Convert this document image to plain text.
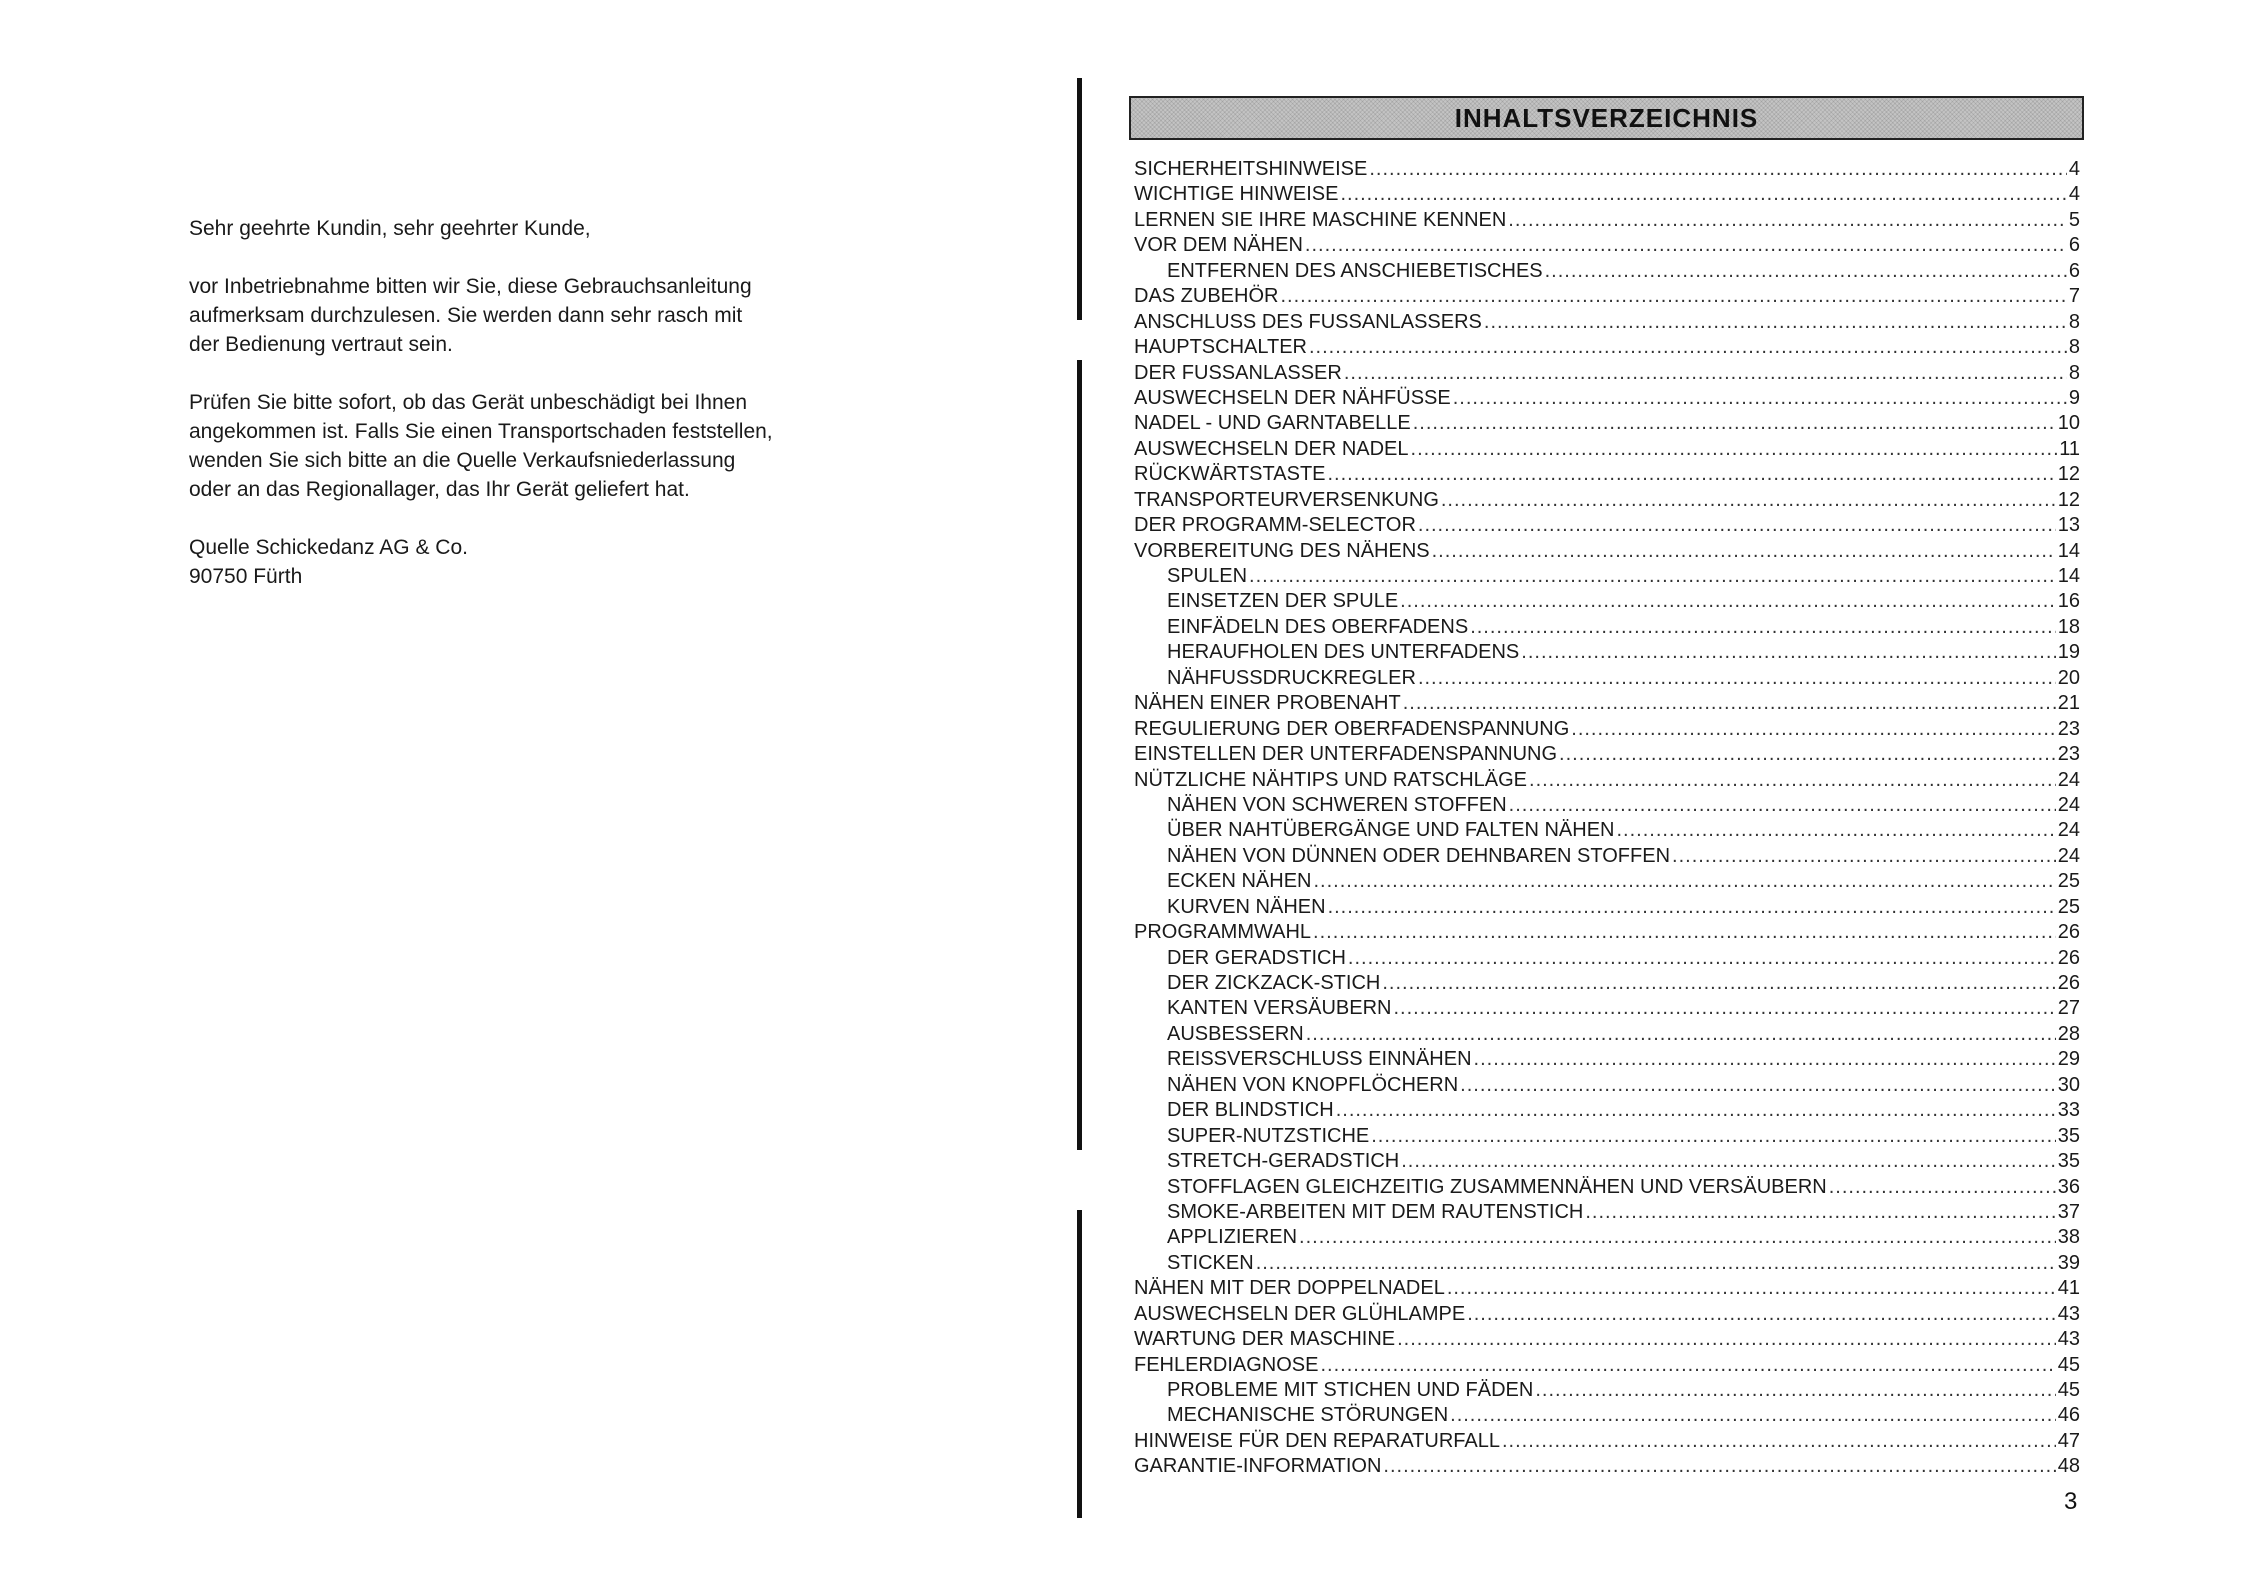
Sehr geehrte Kundin, sehr geehrter Kunde,

vor Inbetriebnahme bitten wir Sie, diese Gebrauchsanleitung
aufmerksam durchzulesen. Sie werden dann sehr rasch mit
der Bedienung vertraut sein.

Prüfen Sie bitte sofort, ob das Gerät unbeschädigt bei Ihnen
angekommen ist. Falls Sie einen Transportschaden feststellen,
wenden Sie sich bitte an die Quelle Verkaufsniederlassung
oder an das Regionallager, das Ihr Gerät geliefert hat.

Quelle Schickedanz AG & Co.
90750 Fürth

INHALTSVERZEICHNIS
SICHERHEITSHINWEISE .....	4
WICHTIGE HINWEISE .....	4
LERNEN SIE IHRE MASCHINE KENNEN .....	5
VOR DEM NÄHEN .....	6
ENTFERNEN DES ANSCHIEBETISCHES .....	6
DAS ZUBEHÖR .....	7
ANSCHLUSS DES FUSSANLASSERS .....	8
HAUPTSCHALTER .....	8
DER FUSSANLASSER .....	8
AUSWECHSELN DER NÄHFÜSSE .....	9
NADEL - UND GARNTABELLE .....	10
AUSWECHSELN DER NADEL .....	11
RÜCKWÄRTSTASTE .....	12
TRANSPORTEURVERSENKUNG .....	12
DER PROGRAMM-SELECTOR .....	13
VORBEREITUNG DES NÄHENS .....	14
SPULEN .....	14
EINSETZEN DER SPULE .....	16
EINFÄDELN DES OBERFADENS .....	18
HERAUFHOLEN DES UNTERFADENS .....	19
NÄHFUSSDRUCKREGLER .....	20
NÄHEN EINER PROBENAHT .....	21
REGULIERUNG DER OBERFADENSPANNUNG .....	23
EINSTELLEN DER UNTERFADENSPANNUNG .....	23
NÜTZLICHE NÄHTIPS UND RATSCHLÄGE .....	24
NÄHEN VON SCHWEREN STOFFEN .....	24
ÜBER NAHTÜBERGÄNGE UND FALTEN NÄHEN .....	24
NÄHEN VON DÜNNEN ODER DEHNBAREN STOFFEN .....	24
ECKEN NÄHEN .....	25
KURVEN NÄHEN .....	25
PROGRAMMWAHL .....	26
DER GERADSTICH .....	26
DER ZICKZACK-STICH .....	26
KANTEN VERSÄUBERN .....	27
AUSBESSERN .....	28
REISSVERSCHLUSS EINNÄHEN .....	29
NÄHEN VON KNOPFLÖCHERN .....	30
DER BLINDSTICH .....	33
SUPER-NUTZSTICHE .....	35
STRETCH-GERADSTICH .....	35
STOFFLAGEN GLEICHZEITIG ZUSAMMENNÄHEN UND VERSÄUBERN .....	36
SMOKE-ARBEITEN MIT DEM RAUTENSTICH .....	37
APPLIZIEREN .....	38
STICKEN .....	39
NÄHEN MIT DER DOPPELNADEL .....	41
AUSWECHSELN DER GLÜHLAMPE .....	43
WARTUNG DER MASCHINE .....	43
FEHLERDIAGNOSE .....	45
PROBLEME MIT STICHEN UND FÄDEN .....	45
MECHANISCHE STÖRUNGEN .....	46
HINWEISE FÜR DEN REPARATURFALL .....	47
GARANTIE-INFORMATION .....	48
3
